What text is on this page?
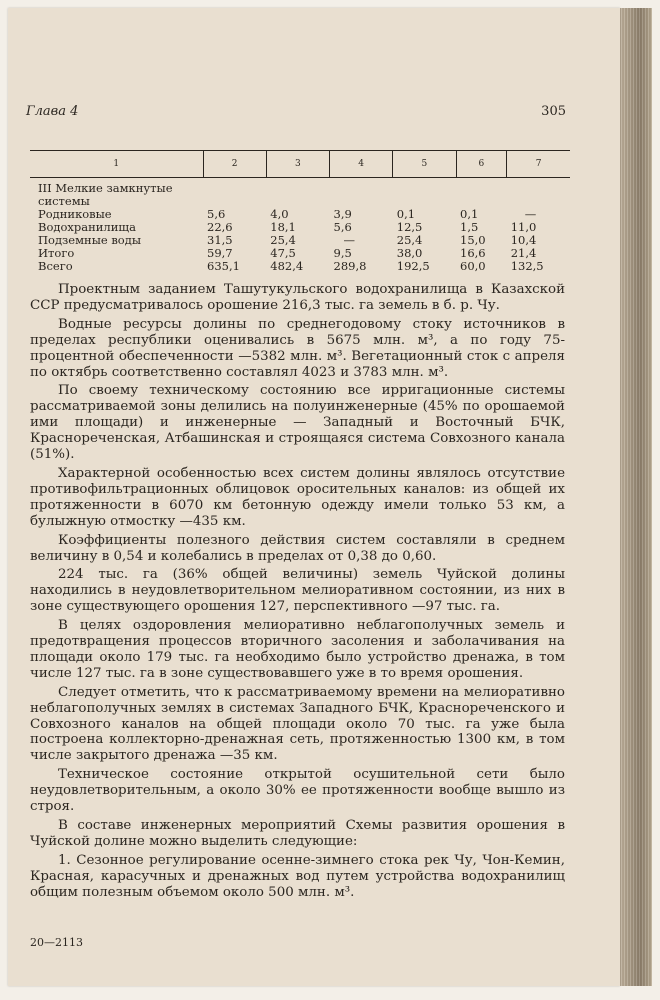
Глава 4	305
1	2	3	4	5	6	7

III Мелкие замкнутые системы						

Родниковые	5,6	4,0	3,9	0,1	0,1	—
Водохранилища	22,6	18,1	5,6	12,5	1,5	11,0
Подземные воды	31,5	25,4	—	25,4	15,0	10,4
Итого	59,7	47,5	9,5	38,0	16,6	21,4
Всего	635,1	482,4	289,8	192,5	60,0	132,5

Проектным заданием Ташутукульского водохранилища в Казахской ССР предусматривалось орошение 216,3 тыс. га земель в б. р. Чу.

Водные ресурсы долины по среднегодовому стоку источников в пределах республики оценивались в 5675 млн. м³, а по году 75-процентной обеспеченности —5382 млн. м³. Вегетационный сток с апреля по октябрь соответственно составлял 4023 и 3783 млн. м³.

По своему техническому состоянию все ирригационные системы рассматриваемой зоны делились на полуинженерные (45% по орошаемой ими площади) и инженерные — Западный и Восточный БЧК, Краснореченская, Атбашинская и строящаяся система Совхозного канала (51%).

Характерной особенностью всех систем долины являлось отсутствие противофильтрационных облицовок оросительных каналов: из общей их протяженности в 6070 км бетонную одежду имели только 53 км, а булыжную отмостку —435 км.

Коэффициенты полезного действия систем составляли в среднем величину в 0,54 и колебались в пределах от 0,38 до 0,60.

224 тыс. га (36% общей величины) земель Чуйской долины находились в неудовлетворительном мелиоративном состоянии, из них в зоне существующего орошения 127, перспективного —97 тыс. га.

В целях оздоровления мелиоративно неблагополучных земель и предотвращения процессов вторичного засоления и заболачивания на площади около 179 тыс. га необходимо было устройство дренажа, в том числе 127 тыс. га в зоне существовавшего уже в то время орошения.

Следует отметить, что к рассматриваемому времени на мелиоративно неблагополучных землях в системах Западного БЧК, Краснореченского и Совхозного каналов на общей площади около 70 тыс. га уже была построена коллекторно-дренажная сеть, протяженностью 1300 км, в том числе закрытого дренажа —35 км.

Техническое состояние открытой осушительной сети было неудовлетворительным, а около 30% ее протяженности вообще вышло из строя.

В составе инженерных мероприятий Схемы развития орошения в Чуйской долине можно выделить следующие:

1. Сезонное регулирование осенне-зимнего стока рек Чу, Чон-Кемин, Красная, карасучных и дренажных вод путем устройства водохранилищ общим полезным объемом около 500 млн. м³.

20—2113
